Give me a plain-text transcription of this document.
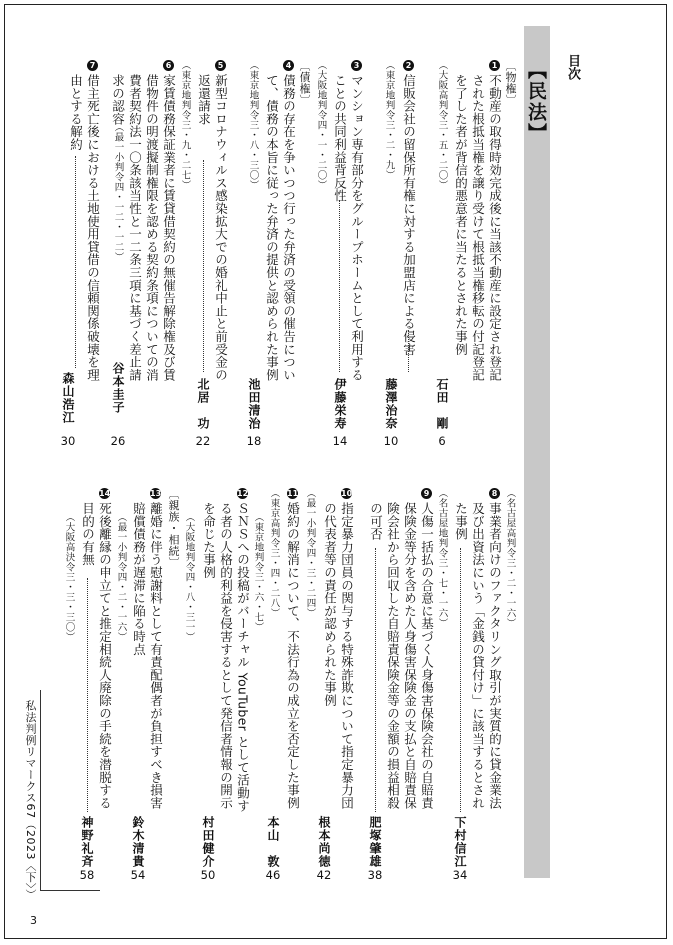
目次
【民法】
〔物権〕
1
不動産の取得時効完成後に当該不動産に設定され登記
された根抵当権を譲り受けて根抵当権移転の付記登記
を了した者が背信的悪意者に当たるとされた事例
（大阪高判令三・五・二〇）
石田　剛
6
2
信販会社の留保所有権に対する加盟店による侵害
（東京地判令三・二・九）
藤澤治奈
10
3
マンション専有部分をグループホームとして利用する
ことの共同利益背反性
（大阪地判令四・一・二〇）
伊藤栄寿
14
〔債権〕
4
債務の存在を争いつつ行った弁済の受領の催告につい
て、債務の本旨に従った弁済の提供と認められた事例
（東京地判令三・八・三〇）
池田清治
18
5
新型コロナウィルス感染拡大での婚礼中止と前受金の
返還請求
（東京地判令三・九・二七）
北居　功
22
6
家賃債務保証業者に賃貸借契約の無催告解除権及び賃
借物件の明渡擬制権限を認める契約条項についての消
費者契約法一〇条該当性と一二条三項に基づく差止請
求の認容
（最一小判令四・一二・一二）
谷本圭子
26
7
借主死亡後における土地使用貸借の信頼関係破壊を理
由とする解約
森山浩江
30
（名古屋高判令三・二・一六）
8
事業者向けのファクタリング取引が実質的に貸金業法
及び出資法にいう「金銭の貸付け」に該当するとされ
た事例
下村信江
34
（名古屋地判令三・七・一六）
9
人傷一括払の合意に基づく人身傷害保険会社の自賠責
保険金等分を含めた人身傷害保険金の支払と自賠責保
険会社から回収した自賠責保険金等の金額の損益相殺
の可否
肥塚肇雄
38
10
指定暴力団員の関与する特殊詐欺について指定暴力団
の代表者等の責任が認められた事例
（最一小判令四・三・二四）
根本尚徳
42
11
婚約の解消について、不法行為の成立を否定した事例
（東京高判令三・四・二八）
本山　敦
46
12
ＳＮＳへの投稿がバーチャル YouTuber として活動す
る者の人格的利益を侵害するとして発信者情報の開示
を命じた事例	（東京地判令三・六・七）
村田健介
50
〔親族・相続〕
13
離婚に伴う慰謝料として有責配偶者が負担すべき損害
賠償債務が遅滞に陥る時点	（大阪地判令四・八・三一）
鈴木清貴
54
14
死後離縁の申立てと推定相続人廃除の手続を潜脱する
目的の有無 （最一小判令四・二・一六）
神野礼斉
58
（大阪高決令三・三・三〇）
私法判例リマークス67（2023〈下〉）
3
